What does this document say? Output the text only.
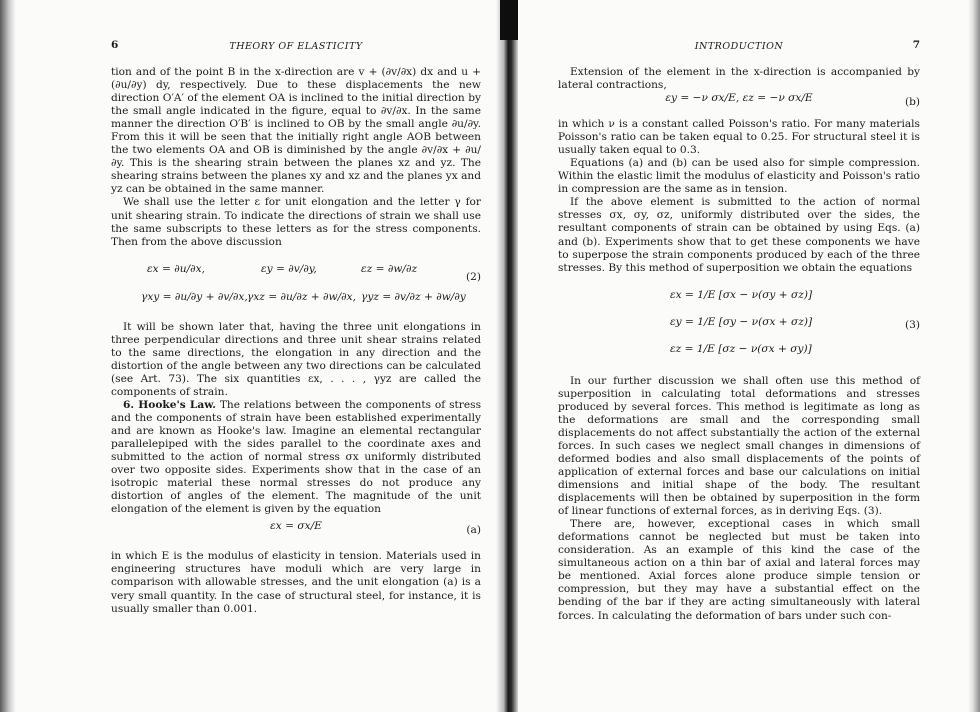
6	THEORY OF ELASTICITY

tion and of the point B in the x-direction are v + (∂v/∂x) dx and u + (∂u/∂y) dy, respectively. Due to these displacements the new direction O′A′ of the element OA is inclined to the initial direction by the small angle indicated in the figure, equal to ∂v/∂x. In the same manner the direction O′B′ is inclined to OB by the small angle ∂u/∂y. From this it will be seen that the initially right angle AOB between the two elements OA and OB is diminished by the angle ∂v/∂x + ∂u/∂y. This is the shearing strain between the planes xz and yz. The shearing strains between the planes xy and xz and the planes yx and yz can be obtained in the same manner.

We shall use the letter ε for unit elongation and the letter γ for unit shearing strain. To indicate the directions of strain we shall use the same subscripts to these letters as for the stress components. Then from the above discussion

εx = ∂u/∂x,	εy = ∂v/∂y,	εz = ∂w/∂z
(2)
γxy = ∂u/∂y + ∂v/∂x, γxz = ∂u/∂z + ∂w/∂x, γyz = ∂v/∂z + ∂w/∂y

It will be shown later that, having the three unit elongations in three perpendicular directions and three unit shear strains related to the same directions, the elongation in any direction and the distortion of the angle between any two directions can be calculated (see Art. 73). The six quantities εx, . . . , γyz are called the components of strain.

6. Hooke's Law. The relations between the components of stress and the components of strain have been established experimentally and are known as Hooke's law. Imagine an elemental rectangular parallelepiped with the sides parallel to the coordinate axes and submitted to the action of normal stress σx uniformly distributed over two opposite sides. Experiments show that in the case of an isotropic material these normal stresses do not produce any distortion of angles of the element. The magnitude of the unit elongation of the element is given by the equation

εx = σx/E	(a)

in which E is the modulus of elasticity in tension. Materials used in engineering structures have moduli which are very large in comparison with allowable stresses, and the unit elongation (a) is a very small quantity. In the case of structural steel, for instance, it is usually smaller than 0.001.

INTRODUCTION	7

Extension of the element in the x-direction is accompanied by lateral contractions,

εy = −ν σx/E, εz = −ν σx/E	(b)

in which ν is a constant called Poisson's ratio. For many materials Poisson's ratio can be taken equal to 0.25. For structural steel it is usually taken equal to 0.3.

Equations (a) and (b) can be used also for simple compression. Within the elastic limit the modulus of elasticity and Poisson's ratio in compression are the same as in tension.

If the above element is submitted to the action of normal stresses σx, σy, σz, uniformly distributed over the sides, the resultant components of strain can be obtained by using Eqs. (a) and (b). Experiments show that to get these components we have to superpose the strain components produced by each of the three stresses. By this method of superposition we obtain the equations

εx = 1/E [σx − ν(σy + σz)]
εy = 1/E [σy − ν(σx + σz)]
εz = 1/E [σz − ν(σx + σy)]
(3)

In our further discussion we shall often use this method of superposition in calculating total deformations and stresses produced by several forces. This method is legitimate as long as the deformations are small and the corresponding small displacements do not affect substantially the action of the external forces. In such cases we neglect small changes in dimensions of deformed bodies and also small displacements of the points of application of external forces and base our calculations on initial dimensions and initial shape of the body. The resultant displacements will then be obtained by superposition in the form of linear functions of external forces, as in deriving Eqs. (3).

There are, however, exceptional cases in which small deformations cannot be neglected but must be taken into consideration. As an example of this kind the case of the simultaneous action on a thin bar of axial and lateral forces may be mentioned. Axial forces alone produce simple tension or compression, but they may have a substantial effect on the bending of the bar if they are acting simultaneously with lateral forces. In calculating the deformation of bars under such con-
